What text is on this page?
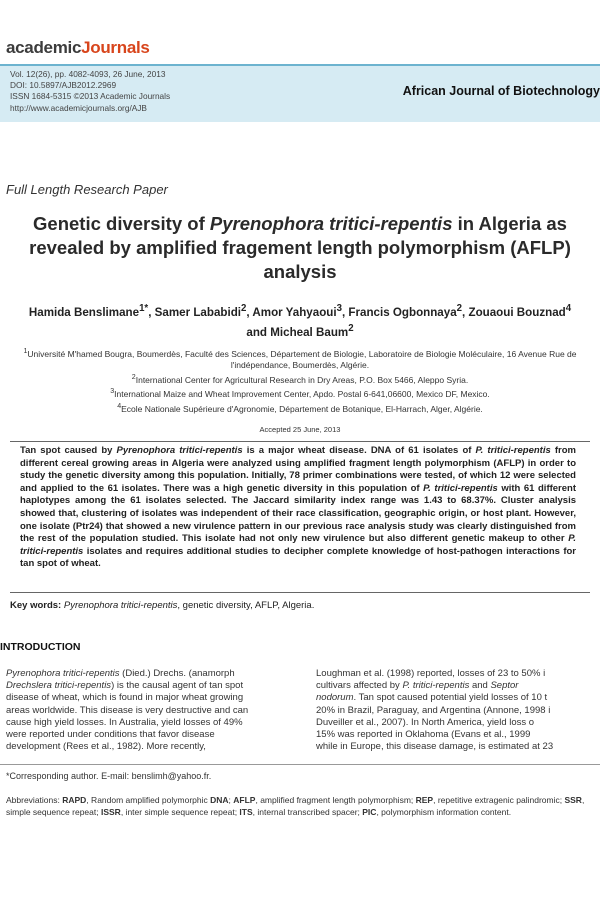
academicJournals
Vol. 12(26), pp. 4082-4093, 26 June, 2013
DOI: 10.5897/AJB2012.2969
ISSN 1684-5315 ©2013 Academic Journals
http://www.academicjournals.org/AJB
African Journal of Biotechnology
Full Length Research Paper
Genetic diversity of Pyrenophora tritici-repentis in Algeria as revealed by amplified fragement length polymorphism (AFLP) analysis
Hamida Benslimane$^{1*}$, Samer Lababidi$^2$, Amor Yahyaoui$^3$, Francis Ogbonnaya$^2$, Zouaoui Bouznad$^4$ and Micheal Baum$^2$
$^1$Université M'hamed Bougra, Boumerdès, Faculté des Sciences, Département de Biologie, Laboratoire de Biologie Moléculaire, 16 Avenue Rue de l'indépendance, Boumerdès, Algérie.
$^2$International Center for Agricultural Research in Dry Areas, P.O. Box 5466, Aleppo Syria.
$^3$International Maize and Wheat Improvement Center, Apdo. Postal 6-641,06600, Mexico DF, Mexico.
$^4$Ecole Nationale Supérieure d'Agronomie, Département de Botanique, El-Harrach, Alger, Algérie.
Accepted 25 June, 2013

Tan spot caused by Pyrenophora tritici-repentis is a major wheat disease. DNA of 61 isolates of P. tritici-repentis from different cereal growing areas in Algeria were analyzed using amplified fragment length polymorphism (AFLP) in order to study the genetic diversity among this population. Initially, 78 primer combinations were tested, of which 12 were selected and applied to the 61 isolates. There was a high genetic diversity in this population of P. tritici-repentis with 61 different haplotypes among the 61 isolates selected. The Jaccard similarity index range was 1.43 to 68.37%. Cluster analysis showed that, clustering of isolates was independent of their race classification, geographic origin, or host plant. However, one isolate (Ptr24) that showed a new virulence pattern in our previous race analysis study was clearly distinguished from the rest of the population studied. This isolate had not only new virulence but also different genetic makeup to other P. tritici-repentis isolates and requires additional studies to decipher complete knowledge of host-pathogen interactions for tan spot of wheat.

Key words: Pyrenophora tritici-repentis, genetic diversity, AFLP, Algeria.
INTRODUCTION
Pyrenophora tritici-repentis (Died.) Drechs. (anamorph
Drechslera tritici-repentis) is the causal agent of tan spot
disease of wheat, which is found in major wheat growing
areas worldwide. This disease is very destructive and can
cause high yield losses. In Australia, yield losses of 49%
were reported under conditions that favor disease
development (Rees et al., 1982). More recently,
Loughman et al. (1998) reported, losses of 23 to 50% i
cultivars affected by P. tritici-repentis and Septor
nodorum. Tan spot caused potential yield losses of 10 t
20% in Brazil, Paraguay, and Argentina (Annone, 1998 i
Duveiller et al., 2007). In North America, yield loss o
15% was reported in Oklahoma (Evans et al., 1999
while in Europe, this disease damage, is estimated at 23
*Corresponding author. E-mail: benslimh@yahoo.fr.
Abbreviations: RAPD, Random amplified polymorphic DNA; AFLP, amplified fragment length polymorphism; REP, repetitive extragenic palindromic; SSR, simple sequence repeat; ISSR, inter simple sequence repeat; ITS, internal transcribed spacer; PIC, polymorphism information content.
